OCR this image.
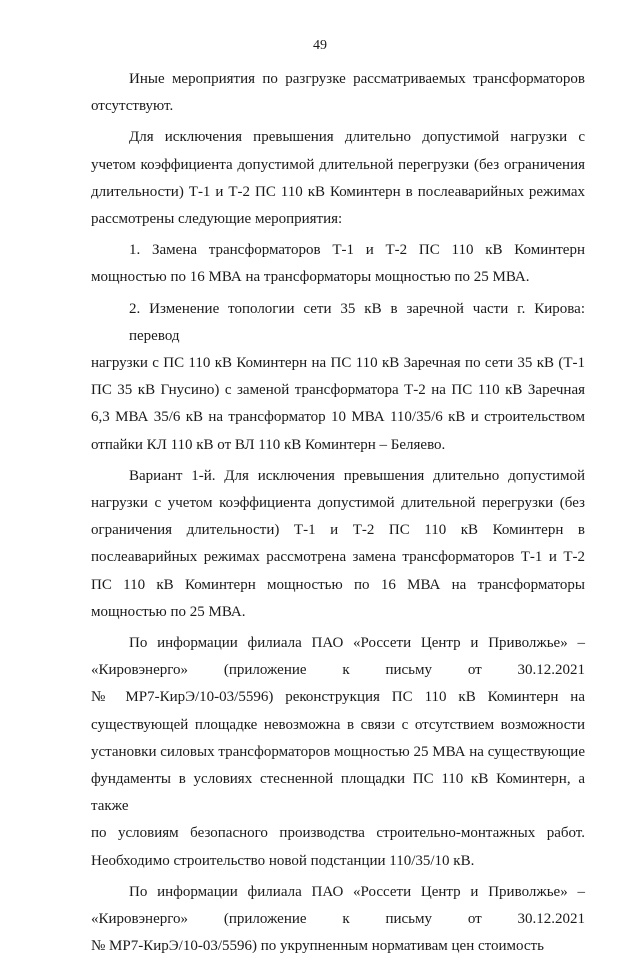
49
Иные мероприятия по разгрузке рассматриваемых трансформаторов
отсутствуют.
Для исключения превышения длительно допустимой нагрузки с
учетом коэффициента допустимой длительной перегрузки (без ограничения
длительности) Т-1 и Т-2 ПС 110 кВ Коминтерн в послеаварийных режимах
рассмотрены следующие мероприятия:
1. Замена трансформаторов Т-1 и Т-2 ПС 110 кВ Коминтерн
мощностью по 16 МВА на трансформаторы мощностью по 25 МВА.
2. Изменение топологии сети 35 кВ в заречной части г. Кирова: перевод
нагрузки с ПС 110 кВ Коминтерн на ПС 110 кВ Заречная по сети 35 кВ (Т-1
ПС 35 кВ Гнусино) с заменой трансформатора Т-2 на ПС 110 кВ Заречная
6,3 МВА 35/6 кВ на трансформатор 10 МВА 110/35/6 кВ и строительством
отпайки КЛ 110 кВ от ВЛ 110 кВ Коминтерн – Беляево.
Вариант 1-й. Для исключения превышения длительно допустимой
нагрузки с учетом коэффициента допустимой длительной перегрузки (без
ограничения длительности) Т-1 и Т-2 ПС 110 кВ Коминтерн в
послеаварийных режимах рассмотрена замена трансформаторов Т-1 и Т-2
ПС 110 кВ Коминтерн мощностью по 16 МВА на трансформаторы
мощностью по 25 МВА.
По информации филиала ПАО «Россети Центр и Приволжье» –
«Кировэнерго» (приложение к письму от 30.12.2021
№ МР7-КирЭ/10-03/5596) реконструкция ПС 110 кВ Коминтерн на
существующей площадке невозможна в связи с отсутствием возможности
установки силовых трансформаторов мощностью 25 МВА на существующие
фундаменты в условиях стесненной площадки ПС 110 кВ Коминтерн, а также
по условиям безопасного производства строительно-монтажных работ.
Необходимо строительство новой подстанции 110/35/10 кВ.
По информации филиала ПАО «Россети Центр и Приволжье» –
«Кировэнерго» (приложение к письму от 30.12.2021
№ МР7-КирЭ/10-03/5596) по укрупненным нормативам цен стоимость
